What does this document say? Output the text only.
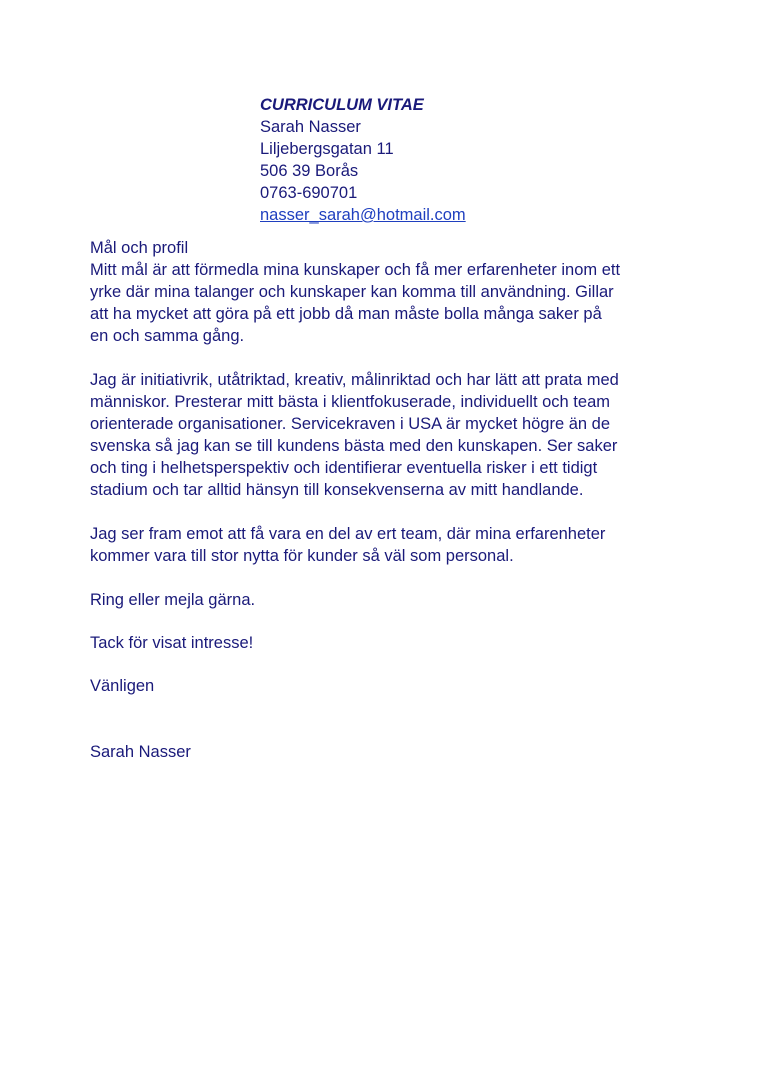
CURRICULUM VITAE
Sarah Nasser
Liljebergsgatan 11
506 39 Borås
0763-690701
nasser_sarah@hotmail.com

Mål och profil

Mitt mål är att förmedla mina kunskaper och få mer erfarenheter inom ett
yrke där mina talanger och kunskaper kan komma till användning. Gillar
att ha mycket att göra på ett jobb då man måste bolla många saker på
en och samma gång.

Jag är initiativrik, utåtriktad, kreativ, målinriktad och har lätt att prata med
människor. Presterar mitt bästa i klientfokuserade, individuellt och team
orienterade organisationer. Servicekraven i USA är mycket högre än de
svenska så jag kan se till kundens bästa med den kunskapen. Ser saker
och ting i helhetsperspektiv och identifierar eventuella risker i ett tidigt
stadium och tar alltid hänsyn till konsekvenserna av mitt handlande.

Jag ser fram emot att få vara en del av ert team, där mina erfarenheter
kommer vara till stor nytta för kunder så väl som personal.

Ring eller mejla gärna.

Tack för visat intresse!

Vänligen

Sarah Nasser
